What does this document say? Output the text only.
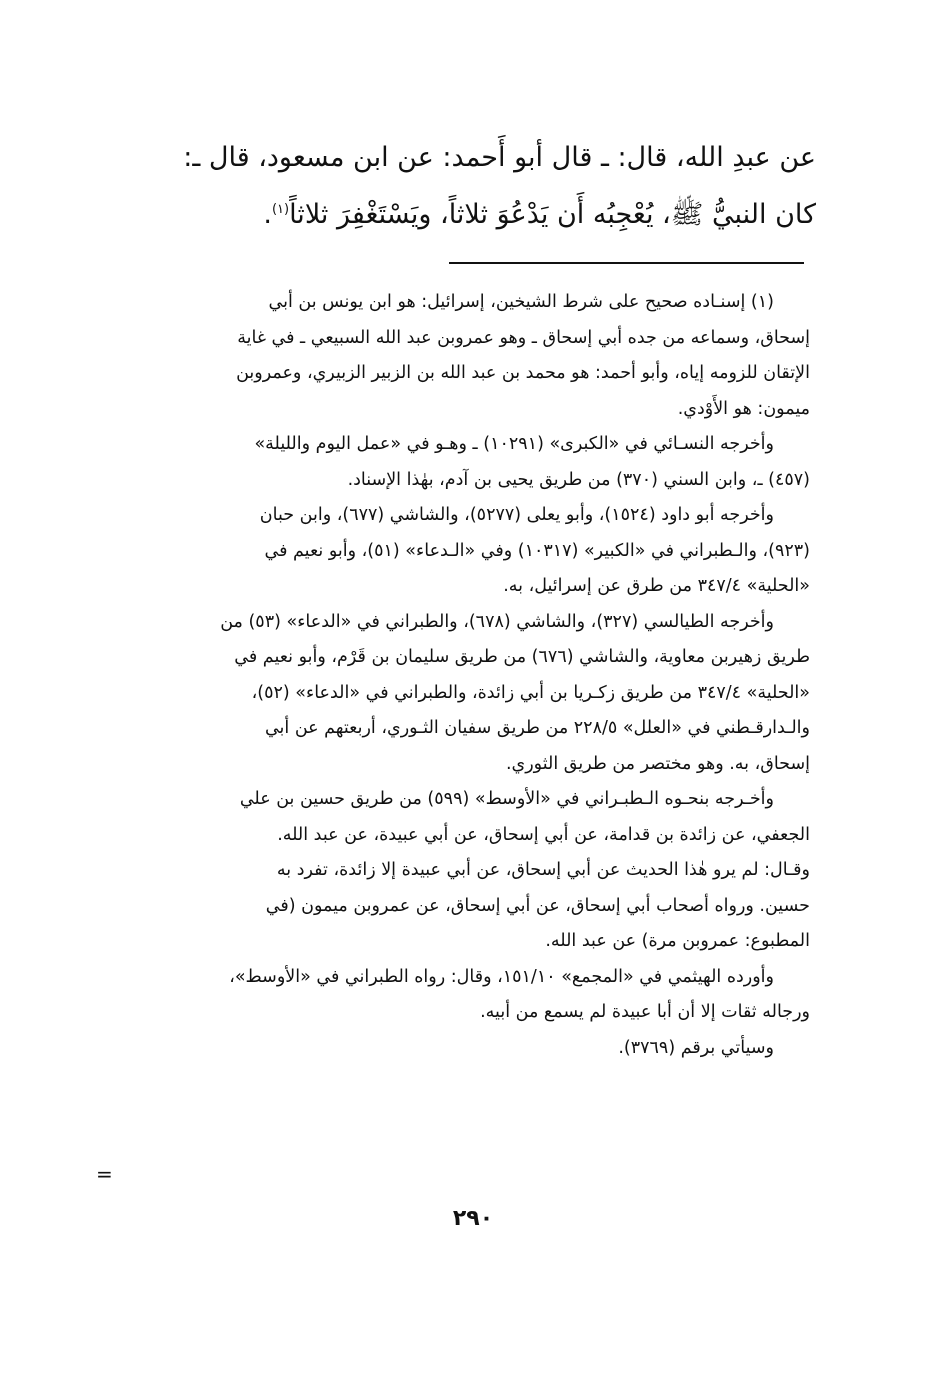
عن عبدِ الله، قال: ـ قال أبو أَحمد: عن ابن مسعود، قال ـ:
كان النبيُّ ﷺ، يُعْجِبُه أَن يَدْعُوَ ثلاثاً، ويَسْتَغْفِرَ ثلاثاً$^{(١)}$.
(١) إسنـاده صحيح على شرط الشيخين، إسرائيل: هو ابن يونس بن أبي
إسحاق، وسماعه من جده أبي إسحاق ـ وهو عمروبن عبد الله السبيعي ـ في غاية
الإتقان للزومه إياه، وأبو أحمد: هو محمد بن عبد الله بن الزبير الزبيري، وعمروبن
ميمون: هو الأَوْدي.
وأخرجه النسـائي في «الكبرى» (١٠٢٩١) ـ وهـو في «عمل اليوم والليلة»
(٤٥٧) ـ، وابن السني (٣٧٠) من طريق يحيى بن آدم، بهٰذا الإسناد.
وأخرجه أبو داود (١٥٢٤)، وأبو يعلى (٥٢٧٧)، والشاشي (٦٧٧)، وابن حبان
(٩٢٣)، والـطبراني في «الكبير» (١٠٣١٧) وفي «الـدعاء» (٥١)، وأبو نعيم في
«الحلية» ٣٤٧/٤ من طرق عن إسرائيل، به.
وأخرجه الطيالسي (٣٢٧)، والشاشي (٦٧٨)، والطبراني في «الدعاء» (٥٣) من
طريق زهيربن معاوية، والشاشي (٦٧٦) من طريق سليمان بن قَرْم، وأبو نعيم في
«الحلية» ٣٤٧/٤ من طريق زكـريا بن أبي زائدة، والطبراني في «الدعاء» (٥٢)،
والـدارقـطني في «العلل» ٢٢٨/٥ من طريق سفيان الثـوري، أربعتهم عن أبي
إسحاق، به. وهو مختصر من طريق الثوري.
وأخـرجه بنحـوه الـطبـراني في «الأوسط» (٥٩٩) من طريق حسين بن علي
الجعفي، عن زائدة بن قدامة، عن أبي إسحاق، عن أبي عبيدة، عن عبد الله.
وقـال: لم يرو هٰذا الحديث عن أبي إسحاق، عن أبي عبيدة إلا زائدة، تفرد به
حسين. ورواه أصحاب أبي إسحاق، عن أبي إسحاق، عن عمروبن ميمون (في
المطبوع: عمروبن مرة) عن عبد الله.
وأورده الهيثمي في «المجمع» ١٥١/١٠، وقال: رواه الطبراني في «الأوسط»،
ورجاله ثقات إلا أن أبا عبيدة لم يسمع من أبيه.
وسيأتي برقم (٣٧٦٩).
=
٢٩٠
